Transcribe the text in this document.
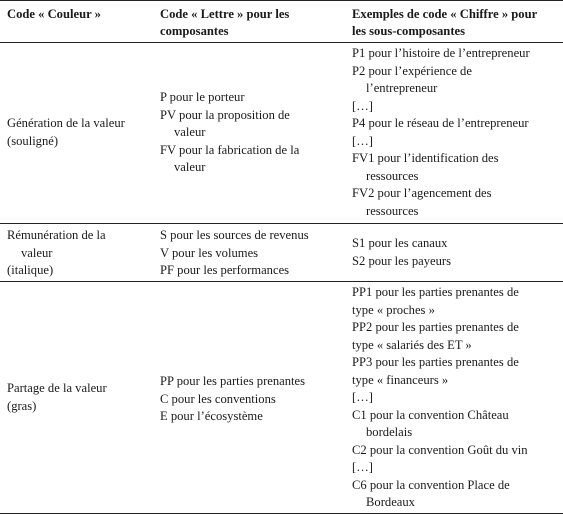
Code « Couleur »	Code « Lettre » pour les
composantes
Exemples de code « Chiffre » pour
les sous-composantes
Génération de la valeur
(souligné)
P pour le porteur
PV pour la proposition de
valeur
FV pour la fabrication de la
valeur
P1 pour l’histoire de l’entrepreneur
P2 pour l’expérience de
l’entrepreneur
[…]
P4 pour le réseau de l’entrepreneur
[…]
FV1 pour l’identification des
ressources
FV2 pour l’agencement des
ressources
Rémunération de la
valeur
(italique)
S pour les sources de revenus
V pour les volumes
PF pour les performances
S1 pour les canaux
S2 pour les payeurs
Partage de la valeur
(gras)
PP pour les parties prenantes
C pour les conventions
E pour l’écosystème
PP1 pour les parties prenantes de
type « proches »
PP2 pour les parties prenantes de
type « salariés des ET »
PP3 pour les parties prenantes de
type « financeurs »
[…]
C1 pour la convention Château
bordelais
C2 pour la convention Goût du vin
[…]
C6 pour la convention Place de
Bordeaux
